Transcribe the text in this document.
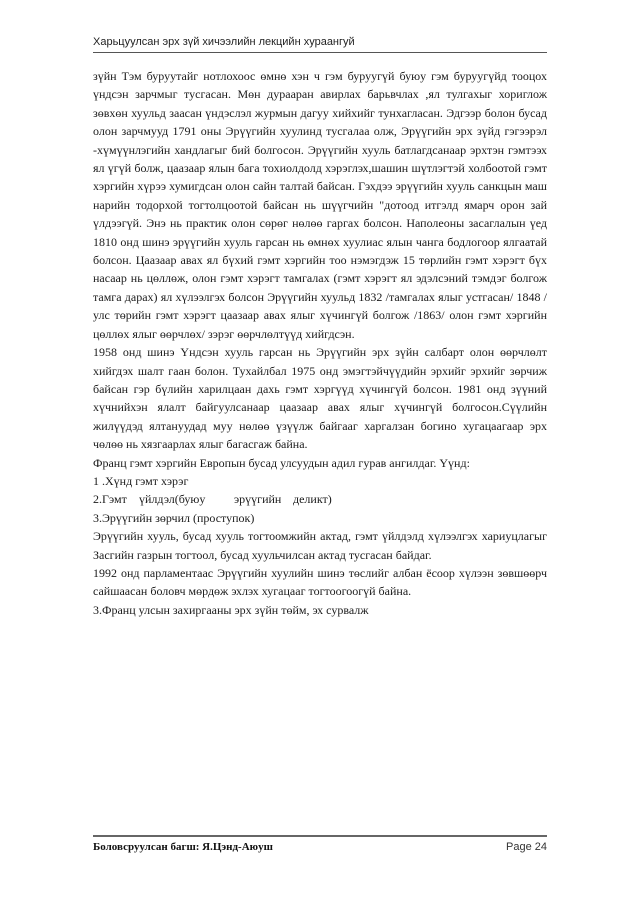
Харьцуулсан эрх зүй хичээлийн лекцийн хураангуй

зүйн Тэм буруутайг нотлохоос өмнө хэн ч гэм буруугүй буюу гэм буруугүйд тооцох үндсэн зарчмыг тусгасан. Мөн дурааран авирлах барьвчлах ,ял тулгахыг хориглож зөвхөн хуульд заасан үндэслэл журмын дагуу хийхийг тунхагласан. Эдгээр болон бусад олон зарчмууд 1791 оны Эрүүгийн хуулинд тусгалаа олж, Эрүүгийн эрх зүйд гэгээрэл -хүмүүнлэгийн хандлагыг бий болгосон. Эрүүгийн хууль батлагдсанаар эрхтэн гэмтээх ял үгүй болж, цаазаар ялын бага тохиолдолд хэрэглэх,шашин шүтлэгтэй холбоотой гэмт хэргийн хүрээ хумигдсан олон сайн талтай байсан. Гэхдээ эрүүгийн хууль санкцын маш нарийн тодорхой тогтолцоотой байсан нь шүүгчийн "дотоод итгэлд ямарч орон зай үлдээгүй. Энэ нь практик олон сөрөг нөлөө гаргах болсон. Наполеоны засаглалын үед 1810 онд шинэ эрүүгийн хууль гарсан нь өмнөх хуулиас ялын чанга бодлогоор ялгаатай болсон. Цаазаар авах ял бүхий гэмт хэргийн тоо нэмэгдэж 15 төрлийн гэмт хэрэгт бүх насаар нь цөллөж, олон гэмт хэрэгт тамгалах (гэмт хэрэгт ял эдэлсэний тэмдэг болгож тамга дарах) ял хүлээлгэх болсон Эрүүгийн хуульд 1832 /тамгалах ялыг устгасан/ 1848 / улс төрийн гэмт хэрэгт цаазаар авах ялыг хүчингүй болгож /1863/ олон гэмт хэргийн цөллөх ялыг өөрчлөх/ зэрэг өөрчлөлтүүд хийгдсэн.

1958 онд шинэ Үндсэн хууль гарсан нь Эрүүгийн эрх зүйн салбарт олон өөрчлөлт хийгдэх шалт гаан болон. Тухайлбал 1975 онд эмэгтэйчүүдийн эрхийг эрхийг зөрчиж байсан гэр бүлийн харилцаан дахь гэмт хэргүүд хүчингүй болсон. 1981 онд зүүний хүчнийхэн ялалт байгуулсанаар цаазаар авах ялыг хүчингүй болгосон.Сүүлийн жилүүдэд ялтануудад муу нөлөө үзүүлж байгааг харгалзан богино хугацаагаар эрх чөлөө нь хязгаарлах ялыг багасгаж байна.

Франц гэмт хэргийн Европын бусад улсуудын адил гурав ангилдаг. Үүнд:

1 .Хүнд гэмт хэрэг

2.Гэмт үйлдэл(буюу эрүүгийн деликт)

3.Эрүүгийн зөрчил (проступок)

Эрүүгийн хууль, бусад хууль тогтоомжийн актад, гэмт үйлдэлд хүлээлгэх хариуцлагыг Засгийн газрын тогтоол, бусад хуульчилсан актад тусгасан байдаг.

1992 онд парламентаас Эрүүгийн хуулийн шинэ төслийг албан ёсоор хүлээн зөвшөөрч сайшаасан боловч мөрдөж эхлэх хугацааг тогтоогоогүй байна.

3.Франц улсын захиргааны эрх зүйн төйм, эх сурвалж

Боловсруулсан багш: Я.Цэнд-Аюуш	Page 24
